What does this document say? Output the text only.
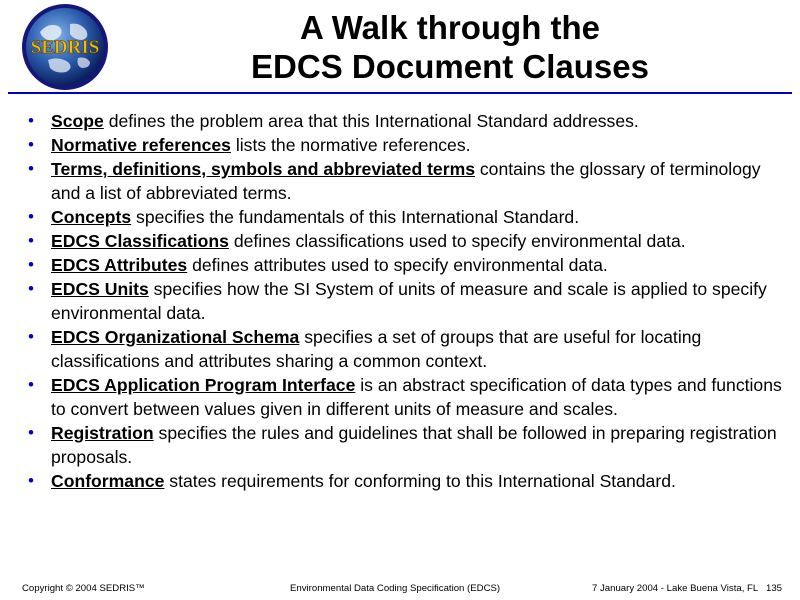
SEDRIS
A Walk through the
EDCS Document Clauses
• Scope defines the problem area that this International Standard addresses.
• Normative references lists the normative references.
• Terms, definitions, symbols and abbreviated terms contains the glossary of terminology and a list of abbreviated terms.
• Concepts specifies the fundamentals of this International Standard.
• EDCS Classifications defines classifications used to specify environmental data.
• EDCS Attributes defines attributes used to specify environmental data.
• EDCS Units specifies how the SI System of units of measure and scale is applied to specify environmental data.
• EDCS Organizational Schema specifies a set of groups that are useful for locating classifications and attributes sharing a common context.
• EDCS Application Program Interface is an abstract specification of data types and functions to convert between values given in different units of measure and scales.
• Registration specifies the rules and guidelines that shall be followed in preparing registration proposals.
• Conformance states requirements for conforming to this International Standard.
Copyright © 2004 SEDRIS™	Environmental Data Coding Specification (EDCS)	7 January 2004 - Lake Buena Vista, FL 135
